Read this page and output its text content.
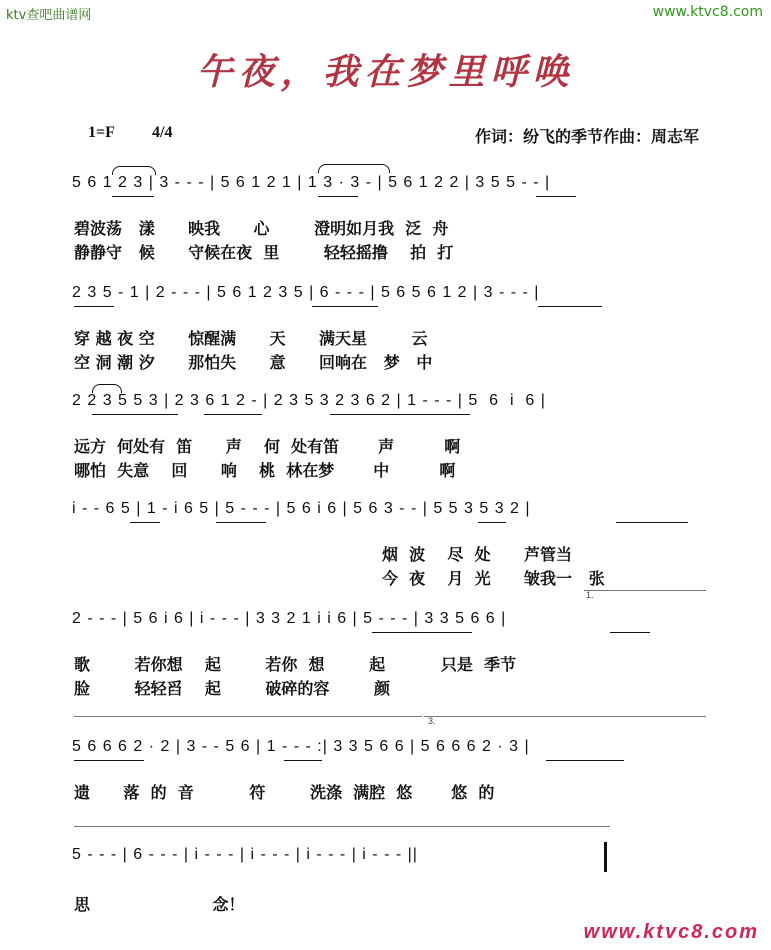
ktv查吧曲谱网	www.ktvc8.com
午夜，我在梦里呼唤
1=F 4/4	作词：纷飞的季节作曲：周志军
5 6 1 2 3 | 3 - - - | 5 6 1 2 1 | 1 3 · 3 - | 5 6 1 2 2 | 3 5 5 - - |
碧波荡   漾      映我      心        澄明如月我  泛  舟
静静守   候      守候在夜  里        轻轻摇撸    拍  打
2 3 5 - 1 | 2 - - - | 5 6 1 2 3 5 | 6 - - - | 5 6 5 6 1 2 | 3 - - - |
穿 越 夜 空      惊醒满      天      满天星        云
空 洞 潮 汐      那怕失      意      回响在   梦   中
2 2 3 5 5 3 | 2 3 6 1 2 - | 2 3 5 3 2 3 6 2 | 1 - - - | 5  6  i  6 |
远方  何处有  笛      声    何  处有笛       声         啊
哪怕  失意    回      响    桃  林在梦       中         啊
i - - 6 5 | 1 - i 6 5 | 5 - - - | 5 6 i 6 | 5 6 3 - - | 5 5 3 5 3 2 |
烟  波    尽  处      芦管当
今  夜    月  光      皱我一   张
1.
2 - - - | 5 6 i 6 | i - - - | 3 3 2 1 i i 6 | 5 - - - | 3 3 5 6 6 |
歌        若你想    起        若你  想        起          只是  季节
脸        轻轻舀    起        破碎的容        颜
3.
5 6 6 6 2 · 2 | 3 - - 5 6 | 1 - - - :| 3 3 5 6 6 | 5 6 6 6 2 · 3 |
遗      落  的  音          符        洗涤  满腔  悠       悠  的
5 - - - | 6 - - - | i - - - | i - - - | i - - - | i - - - ||
思                      念！
www.ktvc8.com
